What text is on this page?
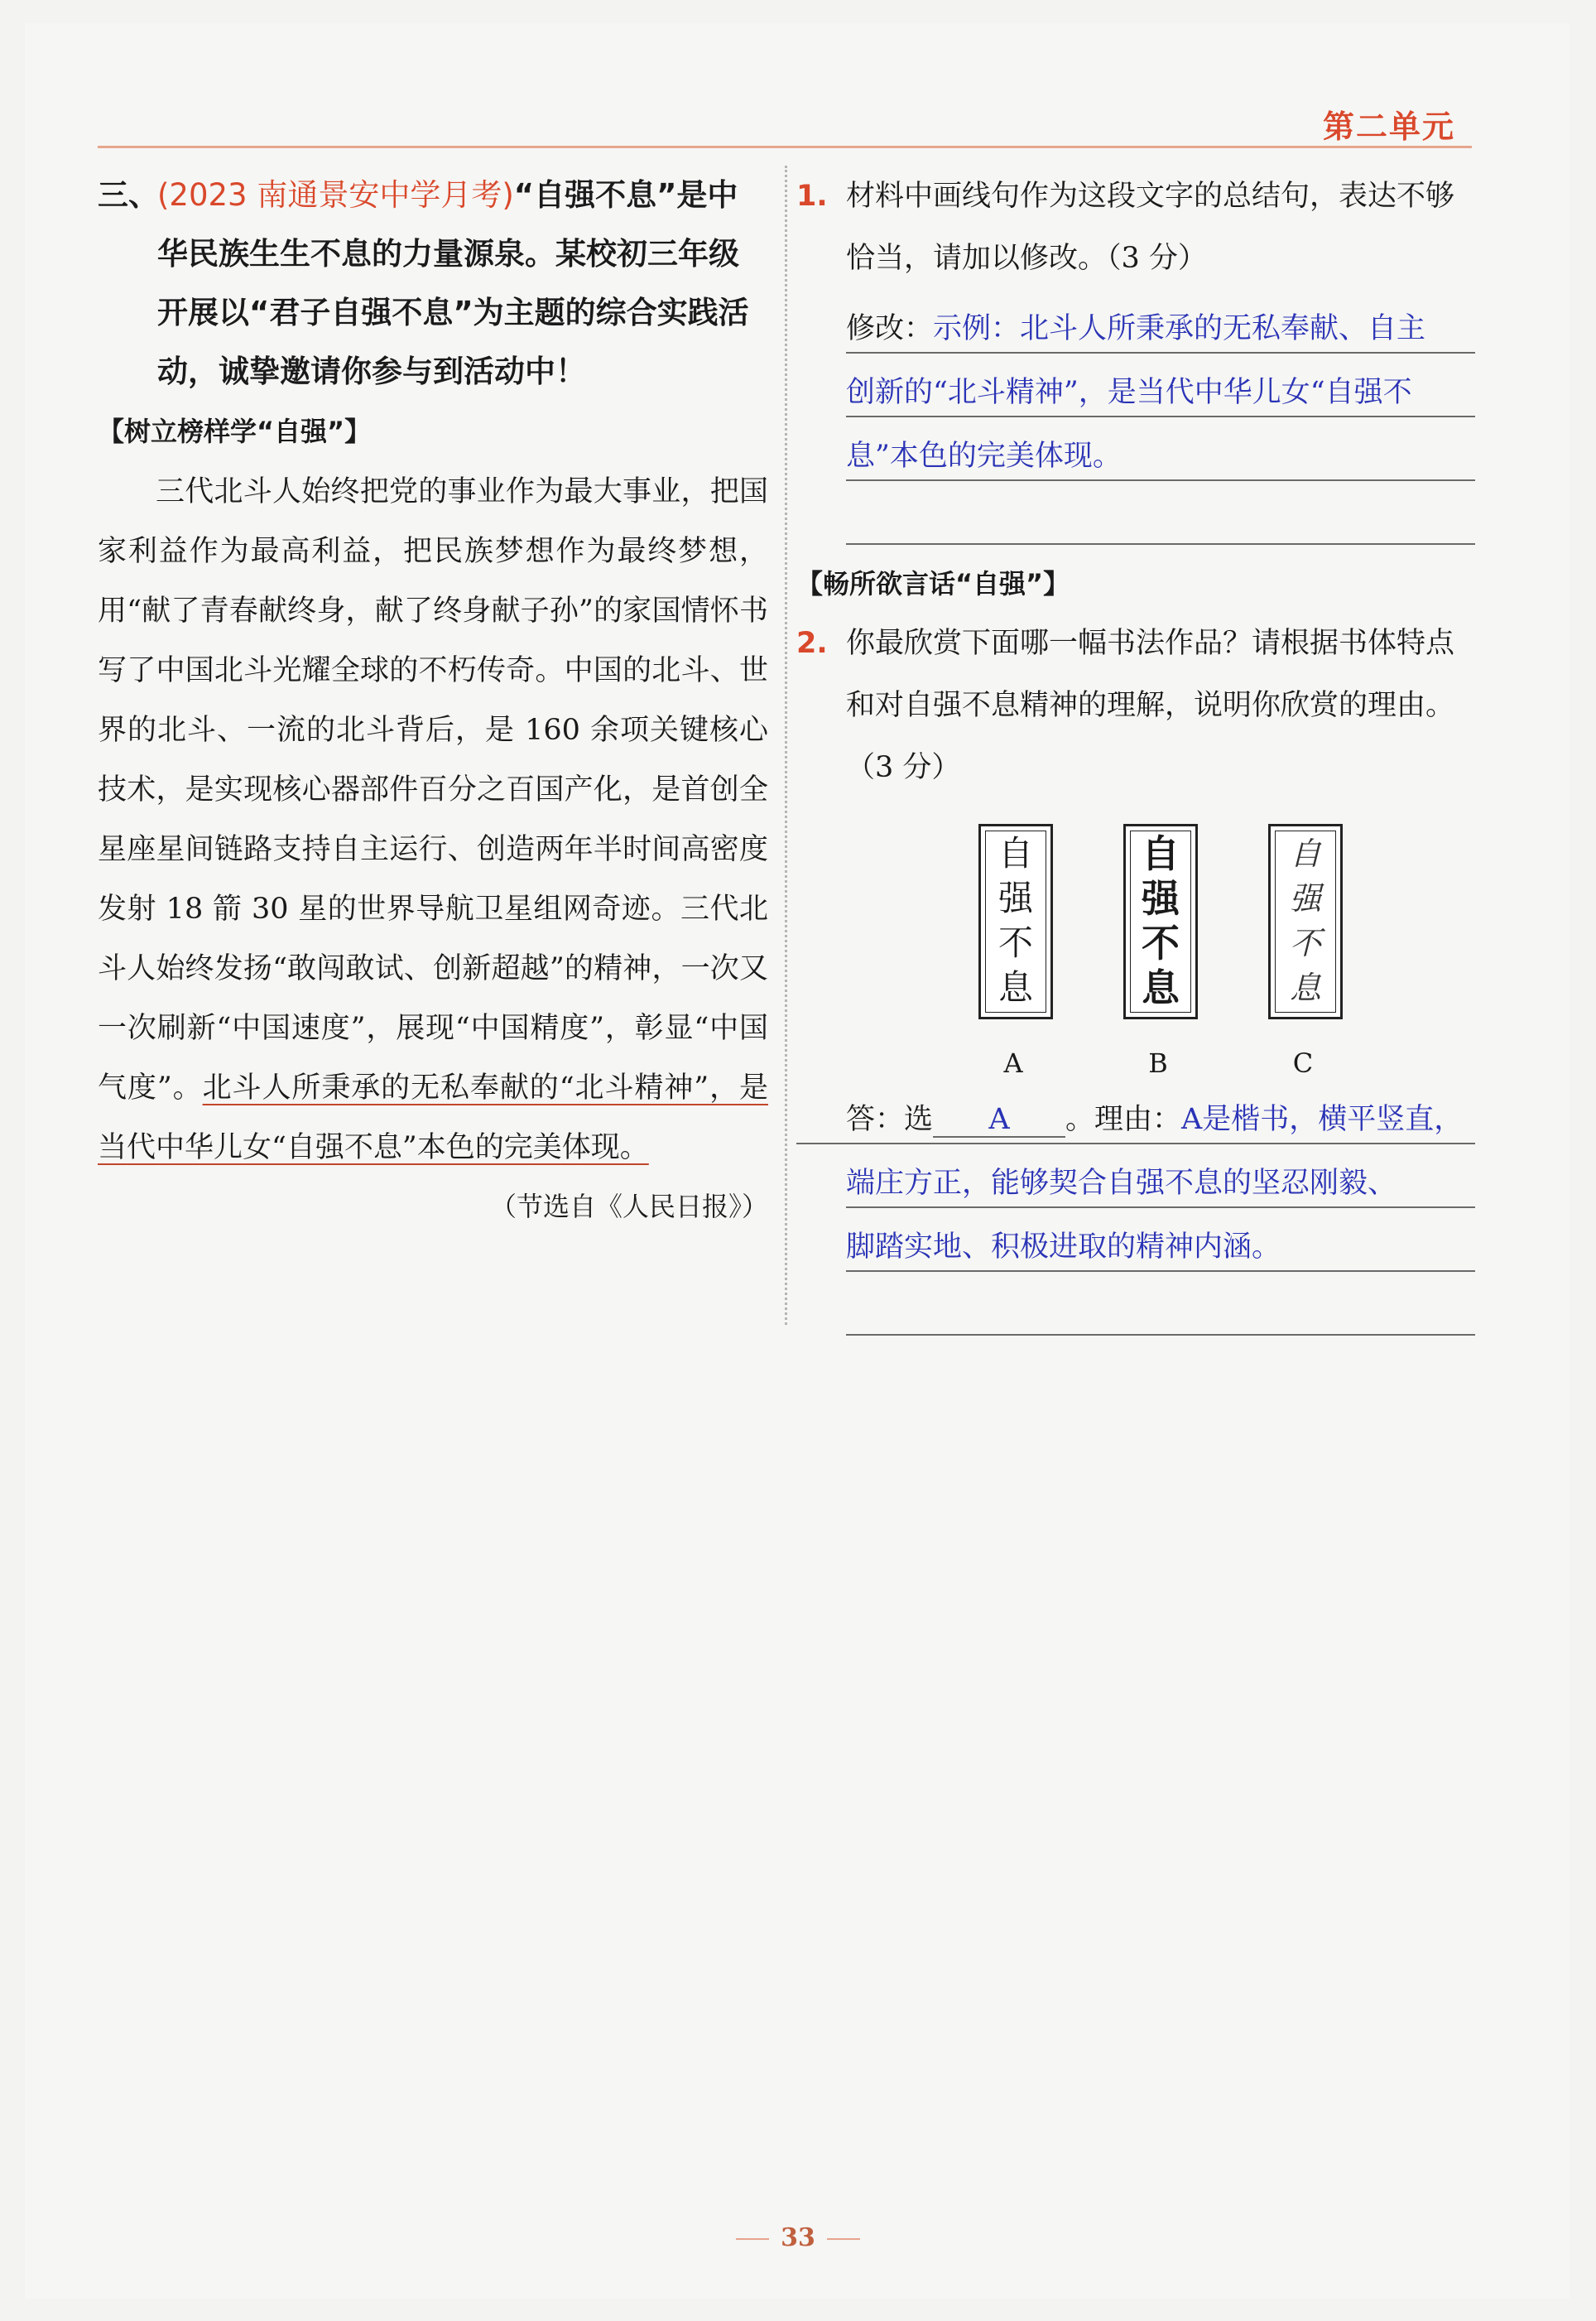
第二单元
三、
(2023 南通景安中学月考)“自强不息”是中华民族生生不息的力量源泉。某校初三年级开展以“君子自强不息”为主题的综合实践活动，诚挚邀请你参与到活动中！
【树立榜样学“自强”】
三代北斗人始终把党的事业作为最大事业，把国家利益作为最高利益，把民族梦想作为最终梦想，用“献了青春献终身，献了终身献子孙”的家国情怀书写了中国北斗光耀全球的不朽传奇。中国的北斗、世界的北斗、一流的北斗背后，是 160 余项关键核心技术，是实现核心器部件百分之百国产化，是首创全星座星间链路支持自主运行、创造两年半时间高密度发射 18 箭 30 星的世界导航卫星组网奇迹。三代北斗人始终发扬“敢闯敢试、创新超越”的精神，一次又一次刷新“中国速度”，展现“中国精度”，彰显“中国气度”。北斗人所秉承的无私奉献的“北斗精神”，是当代中华儿女“自强不息”本色的完美体现。
（节选自《人民日报》）
1. 材料中画线句作为这段文字的总结句，表达不够恰当，请加以修改。（3 分）
修改：示例：北斗人所秉承的无私奉献、自主
创新的“北斗精神”，是当代中华儿女“自强不
息”本色的完美体现。
【畅所欲言话“自强”】
2. 你最欣赏下面哪一幅书法作品？请根据书体特点和对自强不息精神的理解，说明你欣赏的理由。（3 分）
自
强
不
息
A
自
强
不
息
B
自
强
不
息
C
答：选 A 。理由：A是楷书，横平竖直，
端庄方正，能够契合自强不息的坚忍刚毅、
脚踏实地、积极进取的精神内涵。
33
